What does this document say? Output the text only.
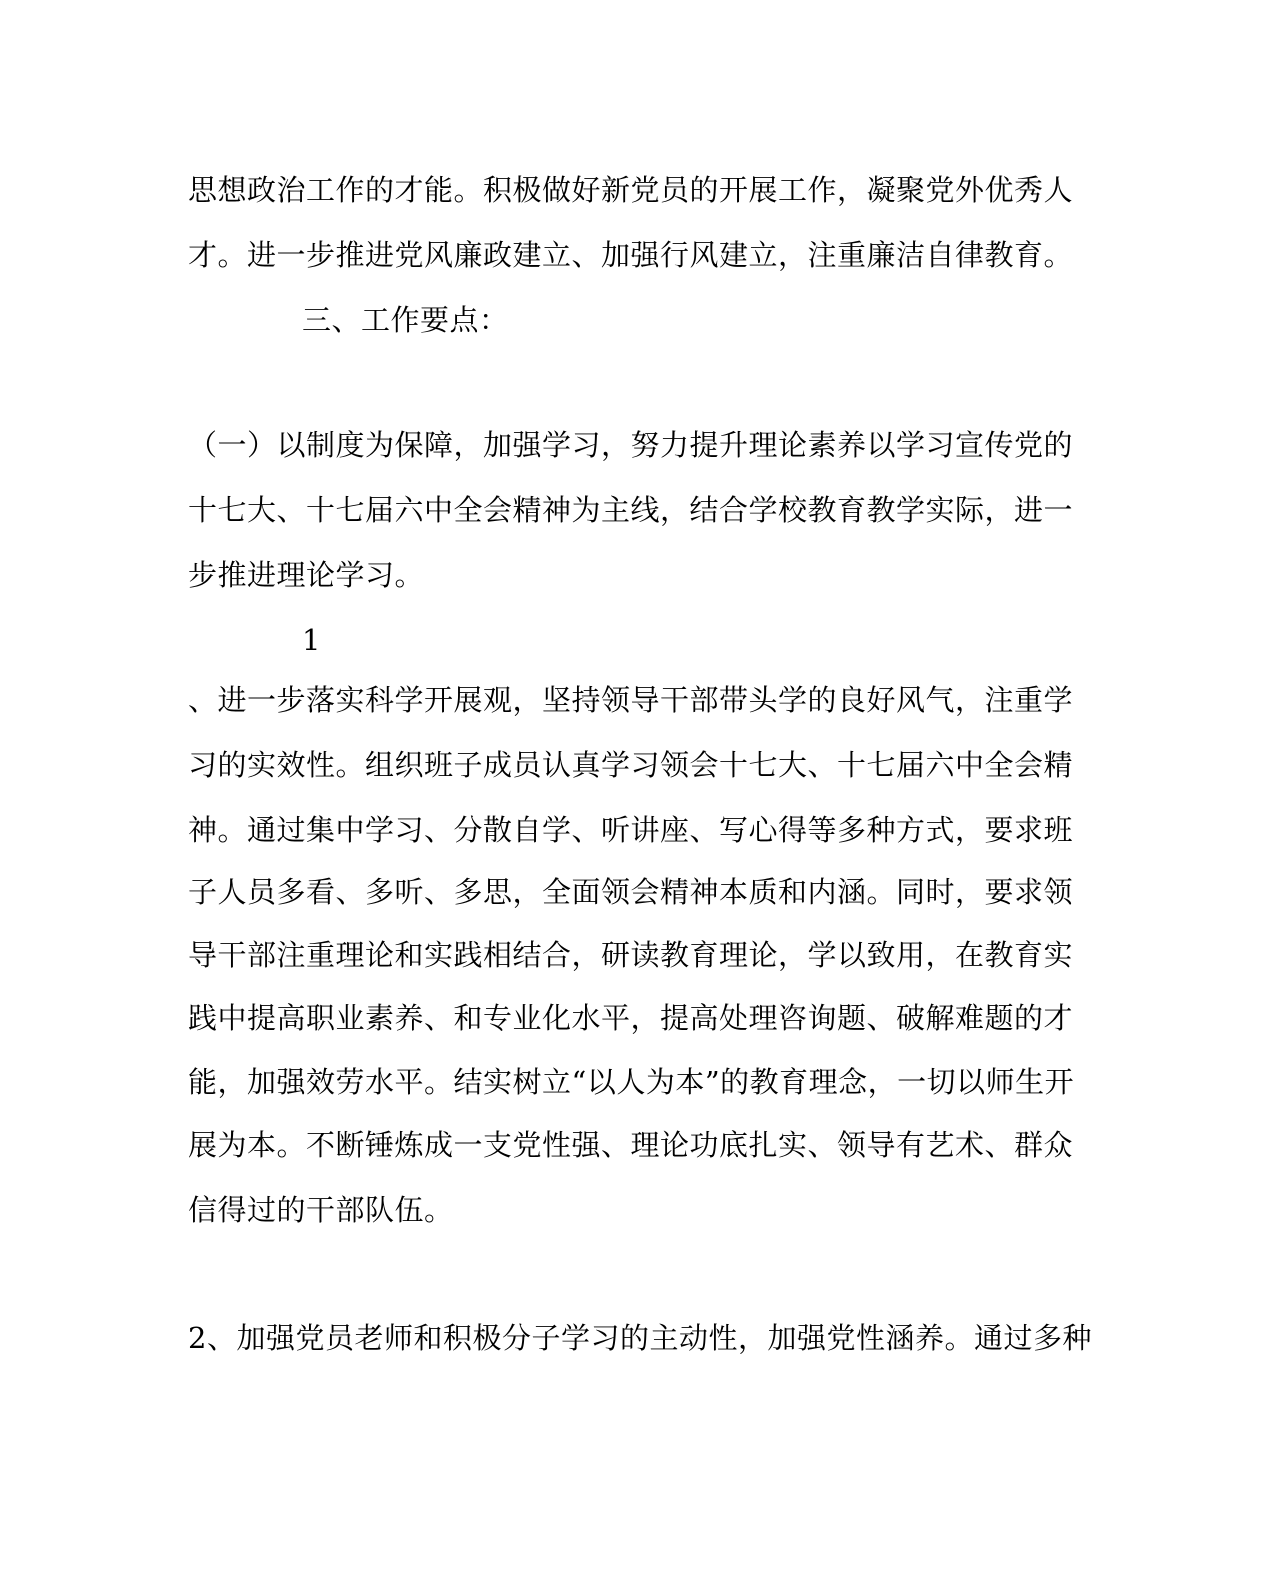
思想政治工作的才能。积极做好新党员的开展工作，凝聚党外优秀人
才。进一步推进党风廉政建立、加强行风建立，注重廉洁自律教育。
三、工作要点：
（一）以制度为保障，加强学习，努力提升理论素养以学习宣传党的
十七大、十七届六中全会精神为主线，结合学校教育教学实际，进一
步推进理论学习。
1
、进一步落实科学开展观，坚持领导干部带头学的良好风气，注重学
习的实效性。组织班子成员认真学习领会十七大、十七届六中全会精
神。通过集中学习、分散自学、听讲座、写心得等多种方式，要求班
子人员多看、多听、多思，全面领会精神本质和内涵。同时，要求领
导干部注重理论和实践相结合，研读教育理论，学以致用，在教育实
践中提高职业素养、和专业化水平，提高处理咨询题、破解难题的才
能，加强效劳水平。结实树立“以人为本”的教育理念，一切以师生开
展为本。不断锤炼成一支党性强、理论功底扎实、领导有艺术、群众
信得过的干部队伍。
2、加强党员老师和积极分子学习的主动性，加强党性涵养。通过多种
